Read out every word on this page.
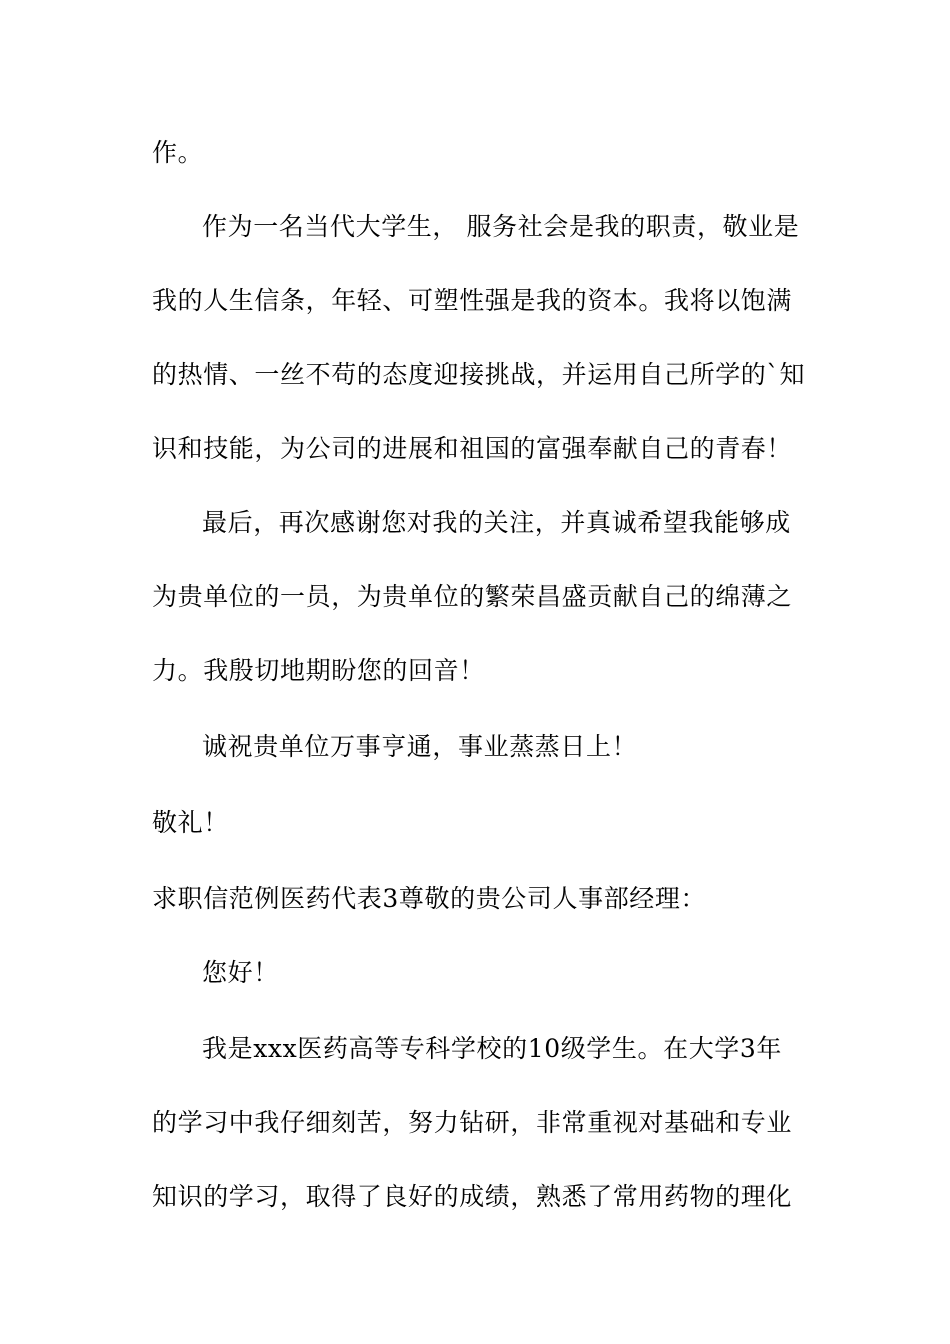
作。
作为一名当代大学生， 服务社会是我的职责，敬业是
我的人生信条，年轻、可塑性强是我的资本。我将以饱满
的热情、一丝不苟的态度迎接挑战，并运用自己所学的`知
识和技能，为公司的进展和祖国的富强奉献自己的青春！
最后，再次感谢您对我的关注，并真诚希望我能够成
为贵单位的一员，为贵单位的繁荣昌盛贡献自己的绵薄之
力。我殷切地期盼您的回音！
诚祝贵单位万事亨通，事业蒸蒸日上！
敬礼！
求职信范例医药代表3尊敬的贵公司人事部经理：
您好！
我是xxx医药高等专科学校的10级学生。在大学3年
的学习中我仔细刻苦，努力钻研，非常重视对基础和专业
知识的学习，取得了良好的成绩，熟悉了常用药物的理化
